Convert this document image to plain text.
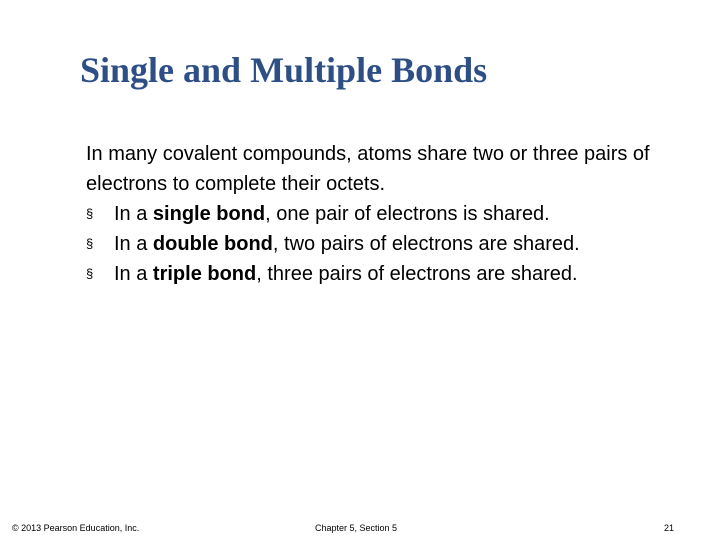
Single and Multiple Bonds

In many covalent compounds, atoms share two or three pairs of electrons to complete their octets.

§	In a single bond, one pair of electrons is shared.
§	In a double bond, two pairs of electrons are shared.
§	In a triple bond, three pairs of electrons are shared.
© 2013 Pearson Education, Inc.	Chapter 5, Section 5	21
